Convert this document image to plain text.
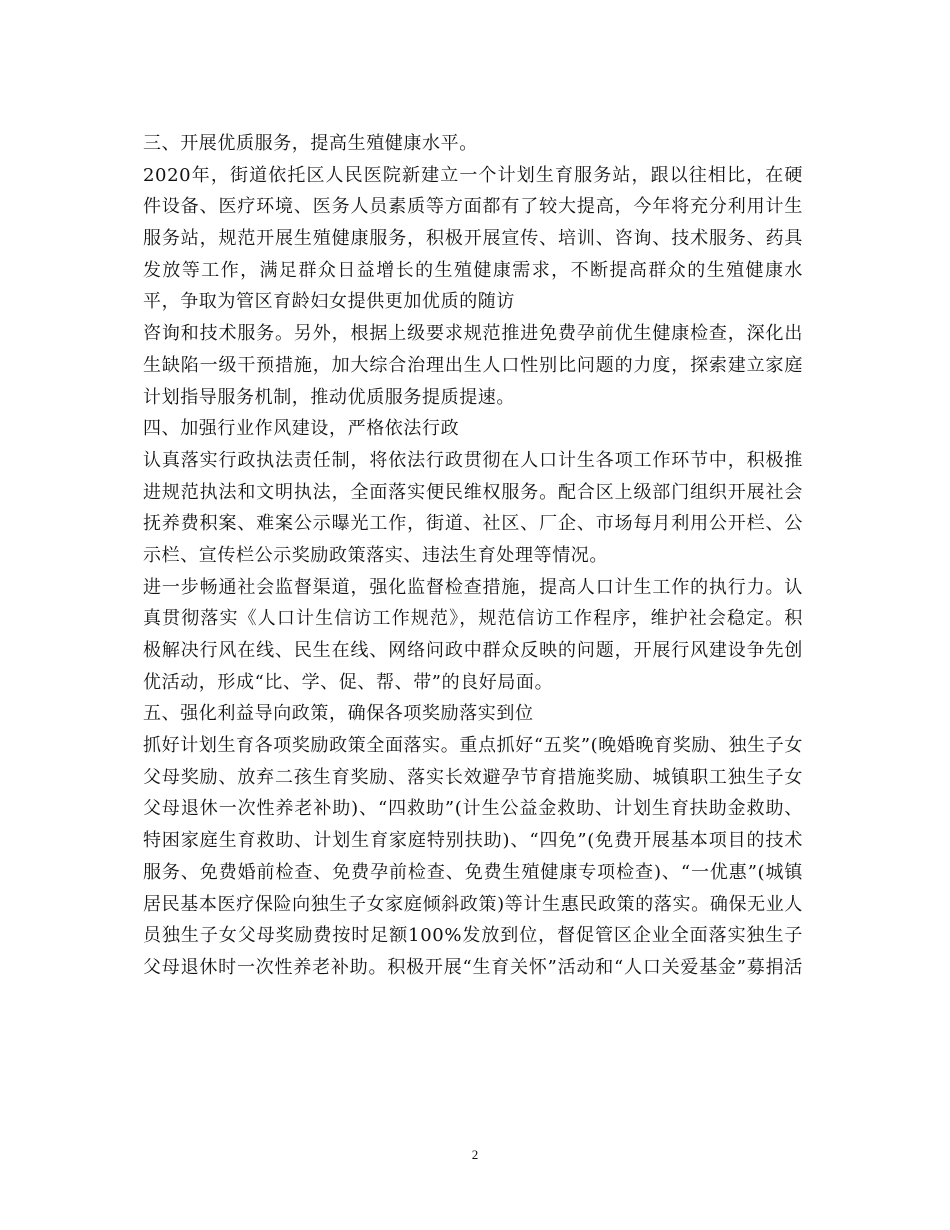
三、开展优质服务，提高生殖健康水平。
2020年，街道依托区人民医院新建立一个计划生育服务站，跟以往相比，在硬
件设备、医疗环境、医务人员素质等方面都有了较大提高，今年将充分利用计生
服务站，规范开展生殖健康服务，积极开展宣传、培训、咨询、技术服务、药具
发放等工作，满足群众日益增长的生殖健康需求，不断提高群众的生殖健康水
平，争取为管区育龄妇女提供更加优质的随访
咨询和技术服务。另外，根据上级要求规范推进免费孕前优生健康检查，深化出
生缺陷一级干预措施，加大综合治理出生人口性别比问题的力度，探索建立家庭
计划指导服务机制，推动优质服务提质提速。
四、加强行业作风建设，严格依法行政
认真落实行政执法责任制，将依法行政贯彻在人口计生各项工作环节中，积极推
进规范执法和文明执法，全面落实便民维权服务。配合区上级部门组织开展社会
抚养费积案、难案公示曝光工作，街道、社区、厂企、市场每月利用公开栏、公
示栏、宣传栏公示奖励政策落实、违法生育处理等情况。
进一步畅通社会监督渠道，强化监督检查措施，提高人口计生工作的执行力。认
真贯彻落实《人口计生信访工作规范》，规范信访工作程序，维护社会稳定。积
极解决行风在线、民生在线、网络问政中群众反映的问题，开展行风建设争先创
优活动，形成“比、学、促、帮、带”的良好局面。
五、强化利益导向政策，确保各项奖励落实到位
抓好计划生育各项奖励政策全面落实。重点抓好“五奖”(晚婚晚育奖励、独生子女
父母奖励、放弃二孩生育奖励、落实长效避孕节育措施奖励、城镇职工独生子女
父母退休一次性养老补助)、“四救助”(计生公益金救助、计划生育扶助金救助、
特困家庭生育救助、计划生育家庭特别扶助)、“四免”(免费开展基本项目的技术
服务、免费婚前检查、免费孕前检查、免费生殖健康专项检查)、“一优惠”(城镇
居民基本医疗保险向独生子女家庭倾斜政策)等计生惠民政策的落实。确保无业人
员独生子女父母奖励费按时足额100%发放到位，督促管区企业全面落实独生子
父母退休时一次性养老补助。积极开展“生育关怀”活动和“人口关爱基金”募捐活
2
